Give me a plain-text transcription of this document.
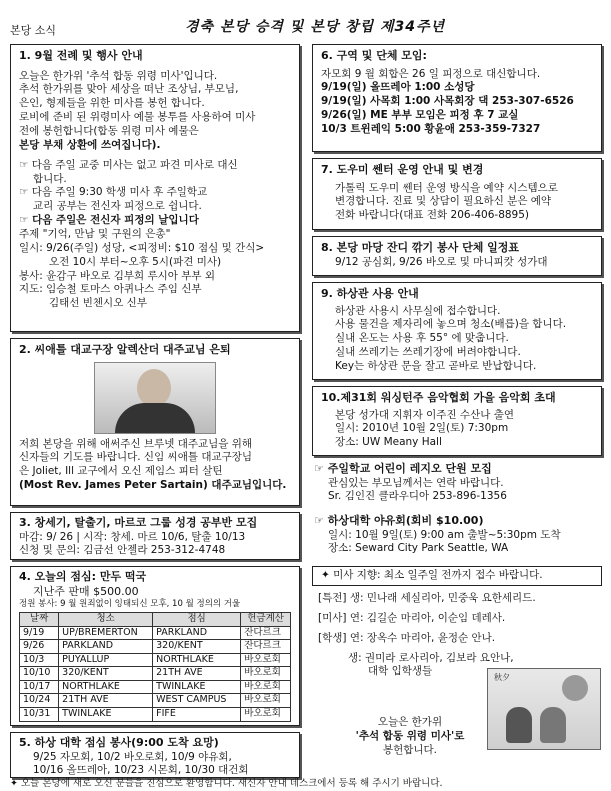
본당 소식	경축 본당 승격 및 본당 창립 제34주년
1. 9월 전례 및 행사 안내
오늘은 한가위 '추석 합동 위령 미사'입니다.
추석 한가위를 맞아 세상을 떠난 조상님, 부모님,
은인, 형제들을 위한 미사를 봉헌 합니다.
로비에 준비 된 위령미사 예물 봉투를 사용하여 미사
전에 봉헌합니다(합동 위령 미사 예물은
본당 부채 상환에 쓰여집니다).
☞ 다음 주일 교중 미사는 없고 파견 미사로 대신
합니다.
☞ 다음 주일 9:30 학생 미사 후 주일학교
교리 공부는 전신자 피정으로 쉽니다.
☞ 다음 주일은 전신자 피정의 날입니다
주제 "기억, 만남 및 구원의 은총"
일시: 9/26(주일) 성당, <피정비: $10 점심 및 간식>
오전 10시 부터~오후 5시(파견 미사)
봉사: 윤감구 바오로 김부희 루시아 부부 외
지도: 임승철 토마스 아퀴나스 주임 신부
김태선 빈첸시오 신부
2. 씨애틀 대교구장 알렉산더 대주교님 은퇴
저희 본당을 위해 애써주신 브루넷 대주교님을 위해
신자들의 기도를 바랍니다. 신임 씨애틀 대교구장님
은 Joliet, Ill 교구에서 오신 제임스 피터 살틴
(Most Rev. James Peter Sartain) 대주교님입니다.
3. 창세기, 탈출기, 마르코 그룹 성경 공부반 모집
마감: 9/ 26 | 시작: 창세. 마르 10/6, 탈출 10/13
신청 및 문의: 김금선 안젤라 253-312-4748
4. 오늘의 점심: 만두 떡국
지난주 판매 $500.00
정원 봉사: 9 월 원죄없이 잉태되신 모후, 10 월 정의의 거울
날짜	청소	점심	헌금계산
9/19	UP/BREMERTON	PARKLAND	잔다르크
9/26	PARKLAND	320/KENT	잔다르크
10/3	PUYALLUP	NORTHLAKE	바오로회
10/10	320/KENT	21TH AVE	바오로회
10/17	NORTHLAKE	TWINLAKE	바오로회
10/24	21TH AVE	WEST CAMPUS	바오로회
10/31	TWINLAKE	FIFE	바오로회
5. 하상 대학 점심 봉사(9:00 도착 요망)
9/25 자모회, 10/2 바오로회, 10/9 야유회,
10/16 올뜨레아, 10/23 시몬회, 10/30 대건회
6. 구역 및 단체 모임:
자모회 9 월 회합은 26 일 피정으로 대신합니다.
9/19(일) 올뜨레아 1:00 소성당
9/19(일) 사목회 1:00 사목회장 댁 253-307-6526
9/26(일) ME 부부 모임은 피정 후 7 교실
10/3 트윈레익 5:00 황윤애 253-359-7327
7. 도우미 쎈터 운영 안내 및 변경
가톨릭 도우미 쎈터 운영 방식을 예약 시스템으로
변경합니다. 진료 및 상담이 필요하신 분은 예약
전화 바랍니다(대표 전화 206-406-8895)
8. 본당 마당 잔디 깎기 봉사 단체 일정표
9/12 공심회, 9/26 바오로 및 마니피캇 성가대
9. 하상관 사용 안내
하상관 사용시 사무실에 접수합니다.
사용 물건을 제자리에 놓으며 청소(배릅)을 합니다.
실내 온도는 사용 후 55° 에 맞춥니다.
실내 쓰레기는 쓰레기장에 버려야합니다.
Key는 하상관 문을 잘고 곧바로 반납합니다.
10.제31회 워싱턴주 음악협회 가을 음악회 초대
본당 성가대 지휘자 이주진 수산나 출연
일시: 2010년 10월 2일(토) 7:30pm
장소: UW Meany Hall
☞ 주일학교 어린이 레지오 단원 모집
관심있는 부모님께서는 연락 바랍니다.
Sr. 김인진 클라우디아 253-896-1356
☞ 하상대학 야유회(회비 $10.00)
일시: 10월 9일(토) 9:00 am 출발~5:30pm 도착
장소: Seward City Park Seattle, WA
✦ 미사 지향: 최소 일주일 전까지 접수 바랍니다.
[특전] 생: 민나래 세실리아, 민중욱 요한세리드.
[미사] 연: 김길순 마리아, 이순임 데레사.
[학생] 연: 장옥수 마리아, 윤정순 안나.
생: 권미라 로사리아, 김보라 요안나,
대학 입학생들
오늘은 한가위
'추석 합동 위령 미사'로
봉헌합니다.
秋夕
✦ 오늘 본당에 새로 오신 분들을 진심으로 환영합니다. 새신자 안내 데스크에서 등록 해 주시기 바랍니다.
